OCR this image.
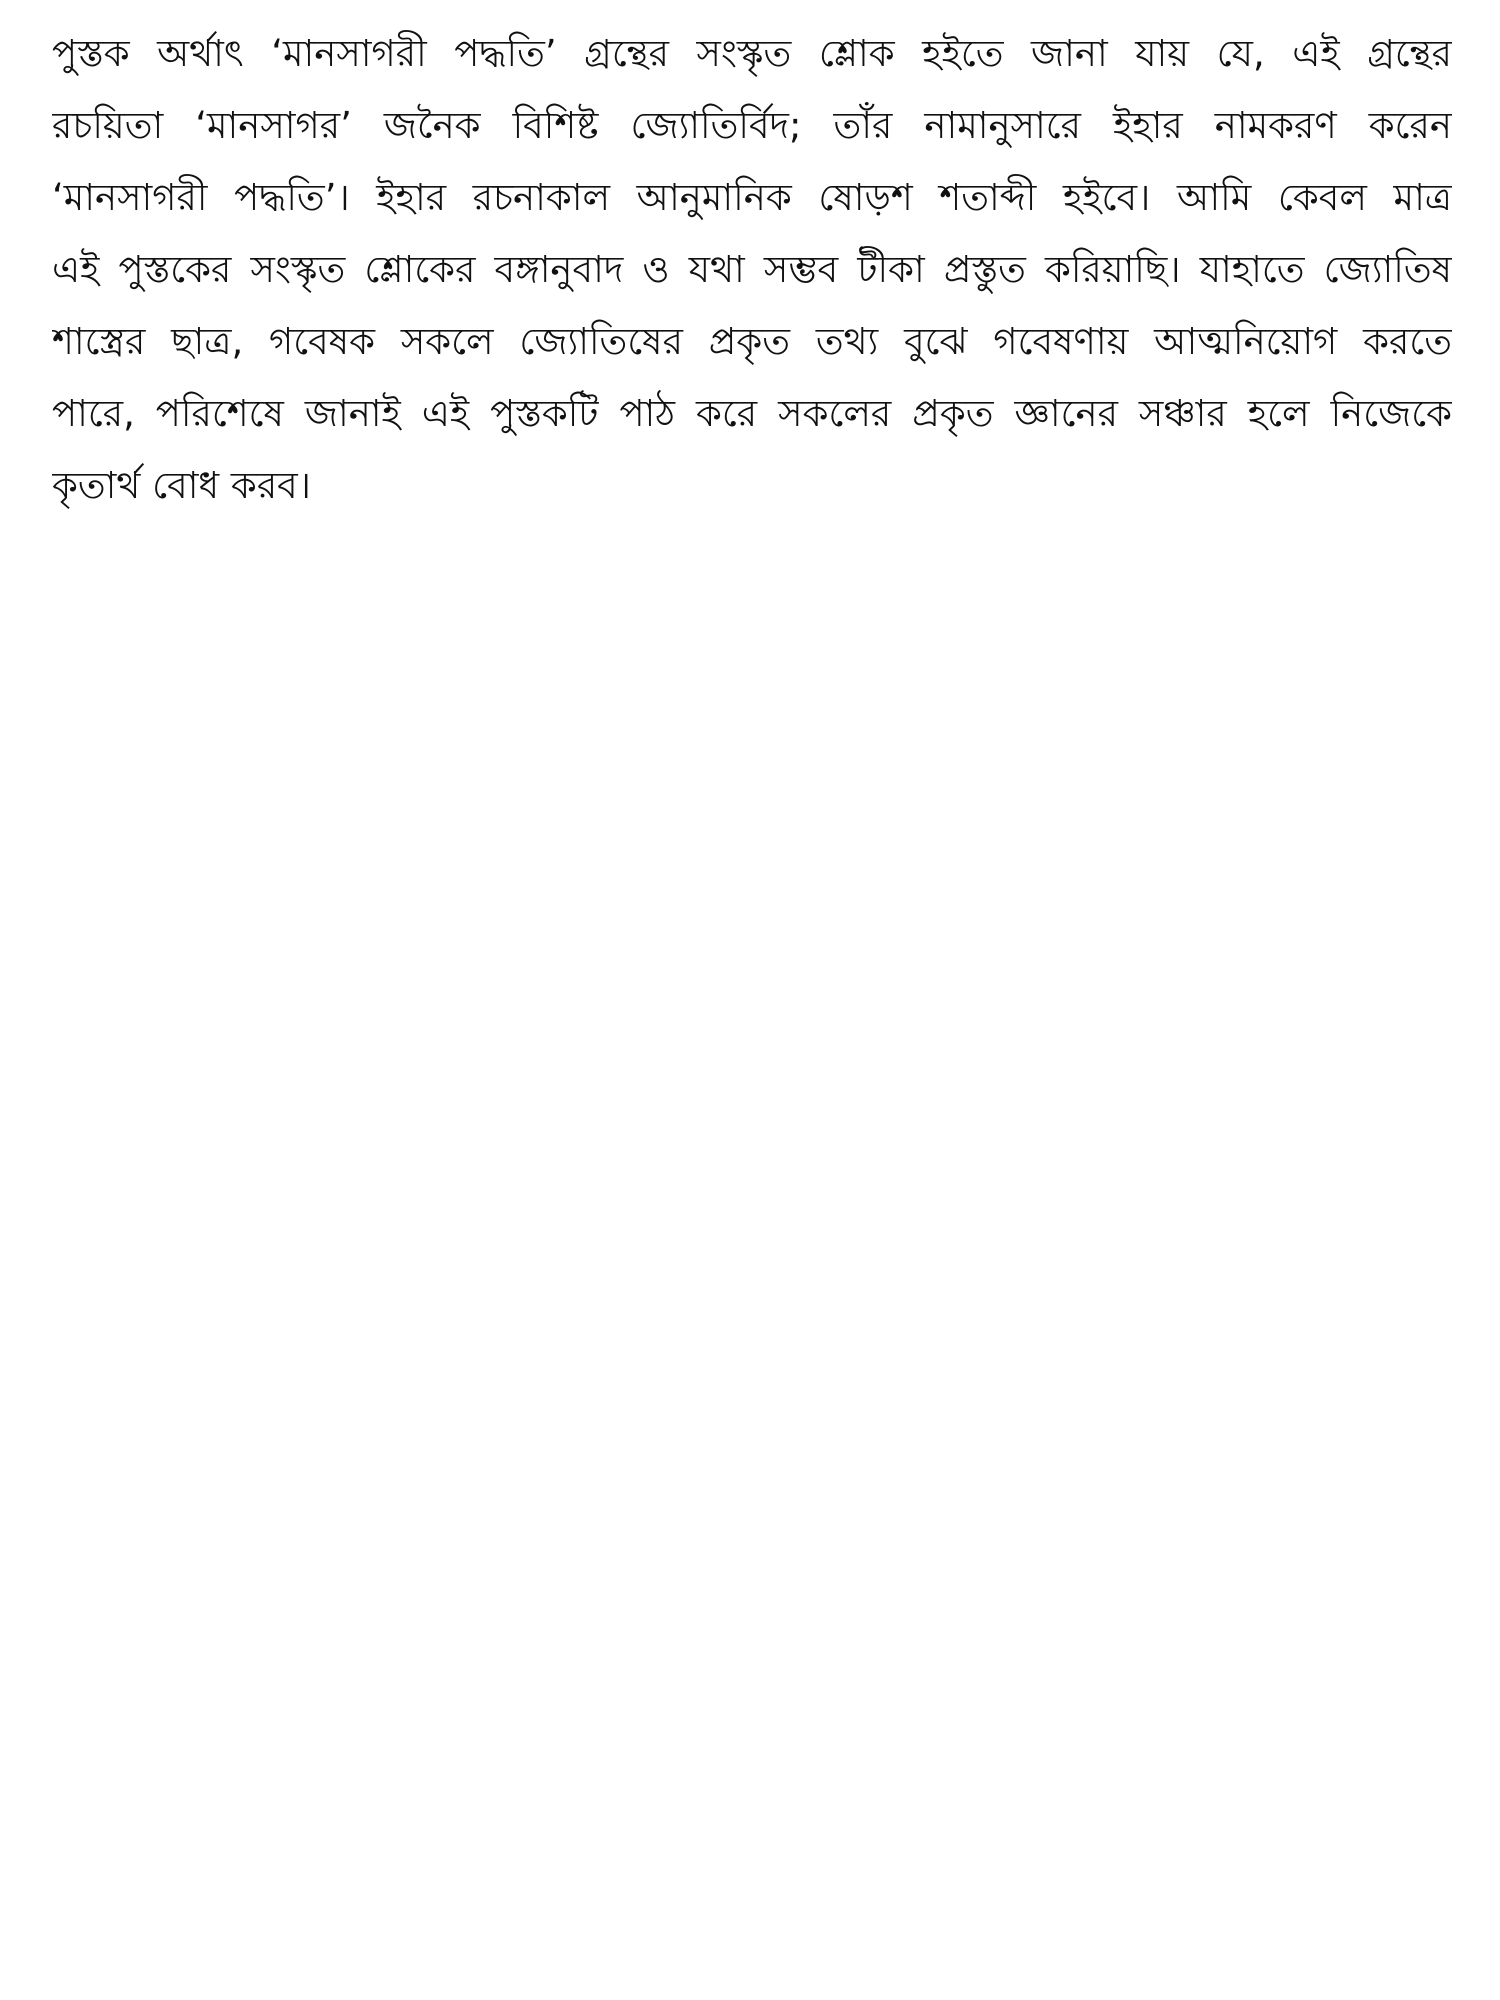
পুস্তক অর্থাৎ ‘মানসাগরী পদ্ধতি’ গ্রন্থের সংস্কৃত শ্লোক হইতে জানা যায় যে, এই গ্রন্থের
রচয়িতা ‘মানসাগর’ জনৈক বিশিষ্ট জ্যোতির্বিদ; তাঁর নামানুসারে ইহার নামকরণ করেন
‘মানসাগরী পদ্ধতি’। ইহার রচনাকাল আনুমানিক ষোড়শ শতাব্দী হইবে। আমি কেবল মাত্র
এই পুস্তকের সংস্কৃত শ্লোকের বঙ্গানুবাদ ও যথা সম্ভব টীকা প্রস্তুত করিয়াছি। যাহাতে জ্যোতিষ
শাস্ত্রের ছাত্র, গবেষক সকলে জ্যোতিষের প্রকৃত তথ্য বুঝে গবেষণায় আত্মনিয়োগ করতে
পারে, পরিশেষে জানাই এই পুস্তকটি পাঠ করে সকলের প্রকৃত জ্ঞানের সঞ্চার হলে নিজেকে
কৃতার্থ বোধ করব।
